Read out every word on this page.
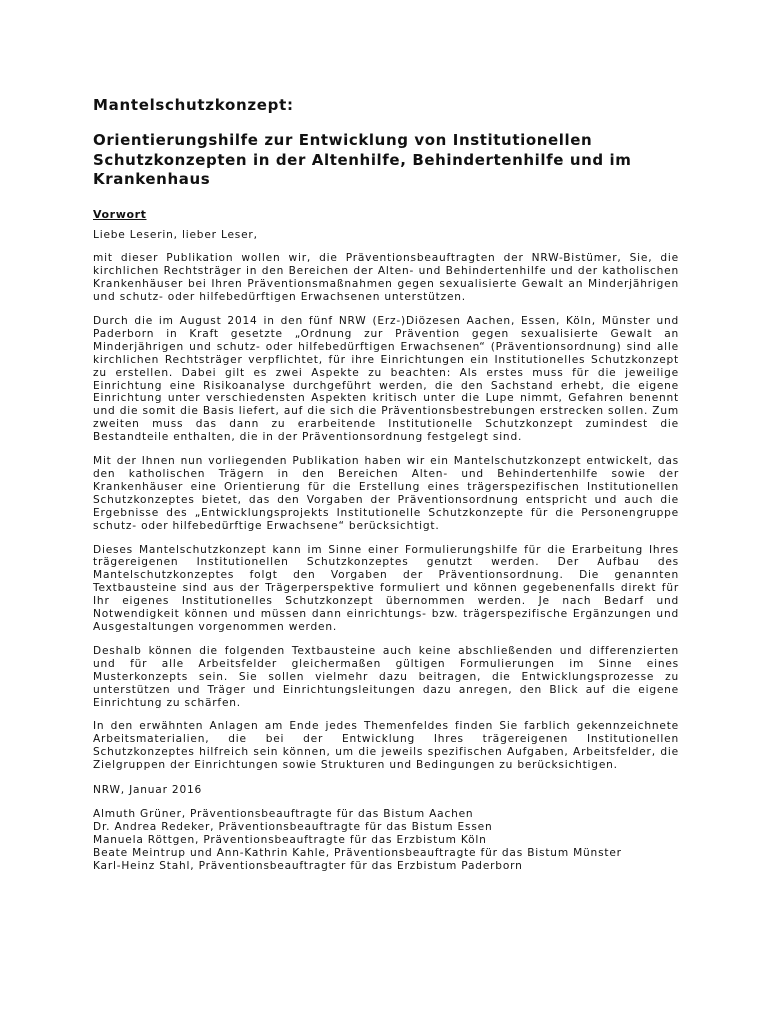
Mantelschutzkonzept:
Orientierungshilfe zur Entwicklung von Institutionellen Schutzkonzepten in der Altenhilfe, Behindertenhilfe und im Krankenhaus
Vorwort

Liebe Leserin, lieber Leser,

mit dieser Publikation wollen wir, die Präventionsbeauftragten der NRW-Bistümer, Sie, die kirchlichen Rechtsträger in den Bereichen der Alten- und Behindertenhilfe und der katholischen Krankenhäuser bei Ihren Präventionsmaßnahmen gegen sexualisierte Gewalt an Minderjährigen und schutz- oder hilfebedürftigen Erwachsenen unterstützen.

Durch die im August 2014 in den fünf NRW (Erz-)Diözesen Aachen, Essen, Köln, Münster und Paderborn in Kraft gesetzte „Ordnung zur Prävention gegen sexualisierte Gewalt an Minderjährigen und schutz- oder hilfebedürftigen Erwachsenen“ (Präventionsordnung) sind alle kirchlichen Rechtsträger verpflichtet, für ihre Einrichtungen ein Institutionelles Schutzkonzept zu erstellen. Dabei gilt es zwei Aspekte zu beachten: Als erstes muss für die jeweilige Einrichtung eine Risikoanalyse durchgeführt werden, die den Sachstand erhebt, die eigene Einrichtung unter verschiedensten Aspekten kritisch unter die Lupe nimmt, Gefahren benennt und die somit die Basis liefert, auf die sich die Präventionsbestrebungen erstrecken sollen. Zum zweiten muss das dann zu erarbeitende Institutionelle Schutzkonzept zumindest die Bestandteile enthalten, die in der Präventionsordnung festgelegt sind.

Mit der Ihnen nun vorliegenden Publikation haben wir ein Mantelschutzkonzept entwickelt, das den katholischen Trägern in den Bereichen Alten- und Behindertenhilfe sowie der Krankenhäuser eine Orientierung für die Erstellung eines trägerspezifischen Institutionellen Schutzkonzeptes bietet, das den Vorgaben der Präventionsordnung entspricht und auch die Ergebnisse des „Entwicklungsprojekts Institutionelle Schutzkonzepte für die Personengruppe schutz- oder hilfebedürftige Erwachsene“ berücksichtigt.

Dieses Mantelschutzkonzept kann im Sinne einer Formulierungshilfe für die Erarbeitung Ihres trägereigenen Institutionellen Schutzkonzeptes genutzt werden. Der Aufbau des Mantelschutzkonzeptes folgt den Vorgaben der Präventionsordnung. Die genannten Textbausteine sind aus der Trägerperspektive formuliert und können gegebenenfalls direkt für Ihr eigenes Institutionelles Schutzkonzept übernommen werden. Je nach Bedarf und Notwendigkeit können und müssen dann einrichtungs- bzw. trägerspezifische Ergänzungen und Ausgestaltungen vorgenommen werden.

Deshalb können die folgenden Textbausteine auch keine abschließenden und differenzierten und für alle Arbeitsfelder gleichermaßen gültigen Formulierungen im Sinne eines Musterkonzepts sein. Sie sollen vielmehr dazu beitragen, die Entwicklungsprozesse zu unterstützen und Träger und Einrichtungsleitungen dazu anregen, den Blick auf die eigene Einrichtung zu schärfen.

In den erwähnten Anlagen am Ende jedes Themenfeldes finden Sie farblich gekennzeichnete Arbeitsmaterialien, die bei der Entwicklung Ihres trägereigenen Institutionellen Schutzkonzeptes hilfreich sein können, um die jeweils spezifischen Aufgaben, Arbeitsfelder, die Zielgruppen der Einrichtungen sowie Strukturen und Bedingungen zu berücksichtigen.

NRW, Januar 2016

Almuth Grüner, Präventionsbeauftragte für das Bistum Aachen
Dr. Andrea Redeker, Präventionsbeauftragte für das Bistum Essen
Manuela Röttgen, Präventionsbeauftragte für das Erzbistum Köln
Beate Meintrup und Ann-Kathrin Kahle, Präventionsbeauftragte für das Bistum Münster
Karl-Heinz Stahl, Präventionsbeauftragter für das Erzbistum Paderborn
